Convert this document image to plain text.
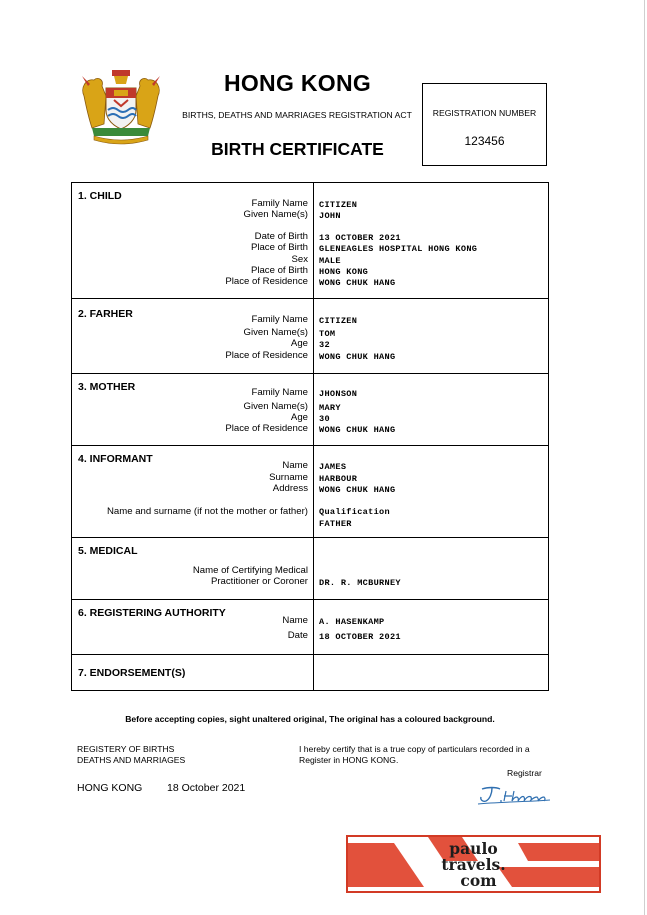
HONG KONG
BIRTHS, DEATHS AND MARRIAGES REGISTRATION ACT
BIRTH CERTIFICATE
REGISTRATION NUMBER
123456
1. CHILD
Family Name CITIZEN
Given Name(s) JOHN
Date of Birth 13 OCTOBER 2021
Place of Birth GLENEAGLES HOSPITAL HONG KONG
Sex MALE
Place of Birth HONG KONG
Place of Residence WONG CHUK HANG
2. FARHER	Family Name CITIZEN
Given Name(s) TOM
Age 32
Place of Residence WONG CHUK HANG
3. MOTHER	Family Name JHONSON
Given Name(s) MARY
Age 30
Place of Residence WONG CHUK HANG
4. INFORMANT
Name JAMES
Surname HARBOUR
Address WONG CHUK HANG
Name and surname (if not the mother or father) Qualification
FATHER
5. MEDICAL
Name of Certifying Medical
Practitioner or Coroner DR. R. MCBURNEY
6. REGISTERING AUTHORITY
Name A. HASENKAMP
Date 18 OCTOBER 2021
7. ENDORSEMENT(S)
Before accepting copies, sight unaltered original, The original has a coloured background.
REGISTERY OF BIRTHS
DEATHS AND MARRIAGES
I hereby certify that is a true copy of particulars recorded in a
Register in HONG KONG.
Registrar
HONG KONG 18 October 2021
paulo
travels.
com
